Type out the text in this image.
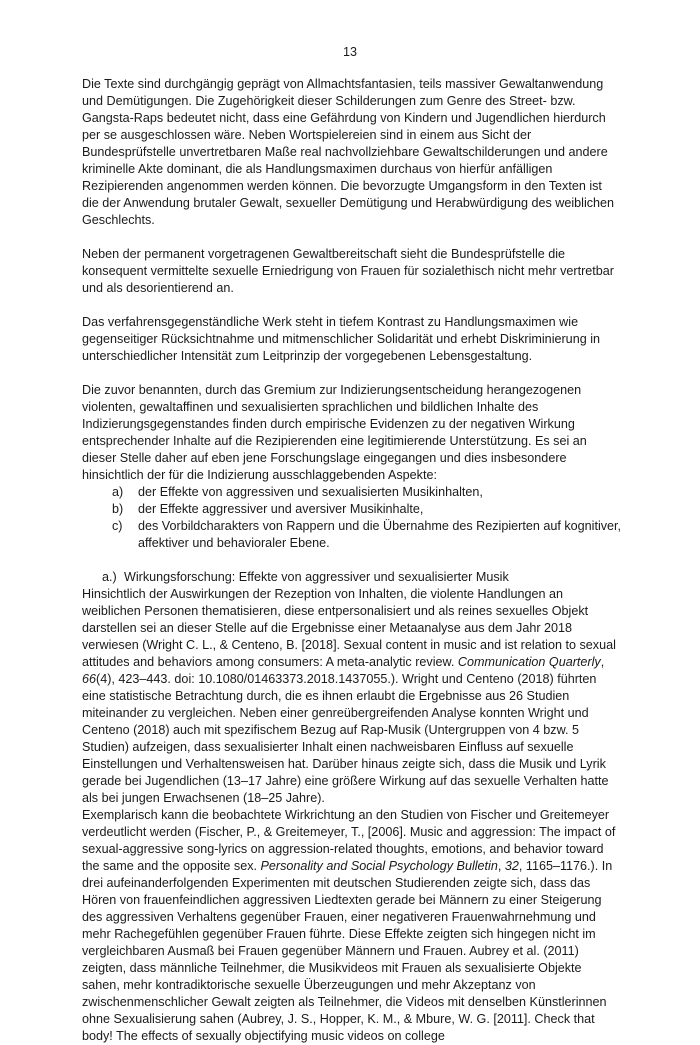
13

Die Texte sind durchgängig geprägt von Allmachtsfantasien, teils massiver Gewaltanwendung und Demütigungen. Die Zugehörigkeit dieser Schilderungen zum Genre des Street- bzw. Gangsta-Raps bedeutet nicht, dass eine Gefährdung von Kindern und Jugendlichen hierdurch per se ausgeschlossen wäre. Neben Wortspielereien sind in einem aus Sicht der Bundesprüfstelle unvertretbaren Maße real nachvollziehbare Gewaltschilderungen und andere kriminelle Akte dominant, die als Handlungsmaximen durchaus von hierfür anfälligen Rezipierenden angenommen werden können. Die bevorzugte Umgangsform in den Texten ist die der Anwendung brutaler Gewalt, sexueller Demütigung und Herabwürdigung des weiblichen Geschlechts.

Neben der permanent vorgetragenen Gewaltbereitschaft sieht die Bundesprüfstelle die konsequent vermittelte sexuelle Erniedrigung von Frauen für sozialethisch nicht mehr vertretbar und als desorientierend an.

Das verfahrensgegenständliche Werk steht in tiefem Kontrast zu Handlungsmaximen wie gegenseitiger Rücksichtnahme und mitmenschlicher Solidarität und erhebt Diskriminierung in unterschiedlicher Intensität zum Leitprinzip der vorgegebenen Lebensgestaltung.

Die zuvor benannten, durch das Gremium zur Indizierungsentscheidung herangezogenen violenten, gewaltaffinen und sexualisierten sprachlichen und bildlichen Inhalte des Indizierungsgegenstandes finden durch empirische Evidenzen zu der negativen Wirkung entsprechender Inhalte auf die Rezipierenden eine legitimierende Unterstützung. Es sei an dieser Stelle daher auf eben jene Forschungslage eingegangen und dies insbesondere hinsichtlich der für die Indizierung ausschlaggebenden Aspekte:

a) der Effekte von aggressiven und sexualisierten Musikinhalten,
b) der Effekte aggressiver und aversiver Musikinhalte,
c) des Vorbildcharakters von Rappern und die Übernahme des Rezipierten auf kognitiver, affektiver und behavioraler Ebene.

a.) Wirkungsforschung: Effekte von aggressiver und sexualisierter Musik

Hinsichtlich der Auswirkungen der Rezeption von Inhalten, die violente Handlungen an weiblichen Personen thematisieren, diese entpersonalisiert und als reines sexuelles Objekt darstellen sei an dieser Stelle auf die Ergebnisse einer Metaanalyse aus dem Jahr 2018 verwiesen (Wright C. L., & Centeno, B. [2018]. Sexual content in music and ist relation to sexual attitudes and behaviors among consumers: A meta-analytic review. Communication Quarterly, 66(4), 423–443. doi: 10.1080/01463373.2018.1437055.). Wright und Centeno (2018) führten eine statistische Betrachtung durch, die es ihnen erlaubt die Ergebnisse aus 26 Studien miteinander zu vergleichen. Neben einer genreübergreifenden Analyse konnten Wright und Centeno (2018) auch mit spezifischem Bezug auf Rap-Musik (Untergruppen von 4 bzw. 5 Studien) aufzeigen, dass sexualisierter Inhalt einen nachweisbaren Einfluss auf sexuelle Einstellungen und Verhaltensweisen hat. Darüber hinaus zeigte sich, dass die Musik und Lyrik gerade bei Jugendlichen (13–17 Jahre) eine größere Wirkung auf das sexuelle Verhalten hatte als bei jungen Erwachsenen (18–25 Jahre).

Exemplarisch kann die beobachtete Wirkrichtung an den Studien von Fischer und Greitemeyer verdeutlicht werden (Fischer, P., & Greitemeyer, T., [2006]. Music and aggression: The impact of sexual-aggressive song-lyrics on aggression-related thoughts, emotions, and behavior toward the same and the opposite sex. Personality and Social Psychology Bulletin, 32, 1165–1176.). In drei aufeinanderfolgenden Experimenten mit deutschen Studierenden zeigte sich, dass das Hören von frauenfeindlichen aggressiven Liedtexten gerade bei Männern zu einer Steigerung des aggressiven Verhaltens gegenüber Frauen, einer negativeren Frauenwahrnehmung und mehr Rachegefühlen gegenüber Frauen führte. Diese Effekte zeigten sich hingegen nicht im vergleichbaren Ausmaß bei Frauen gegenüber Männern und Frauen. Aubrey et al. (2011) zeigten, dass männliche Teilnehmer, die Musikvideos mit Frauen als sexualisierte Objekte sahen, mehr kontradiktorische sexuelle Überzeugungen und mehr Akzeptanz von zwischenmenschlicher Gewalt zeigten als Teilnehmer, die Videos mit denselben Künstlerinnen ohne Sexualisierung sahen (Aubrey, J. S., Hopper, K. M., & Mbure, W. G. [2011]. Check that body! The effects of sexually objectifying music videos on college
